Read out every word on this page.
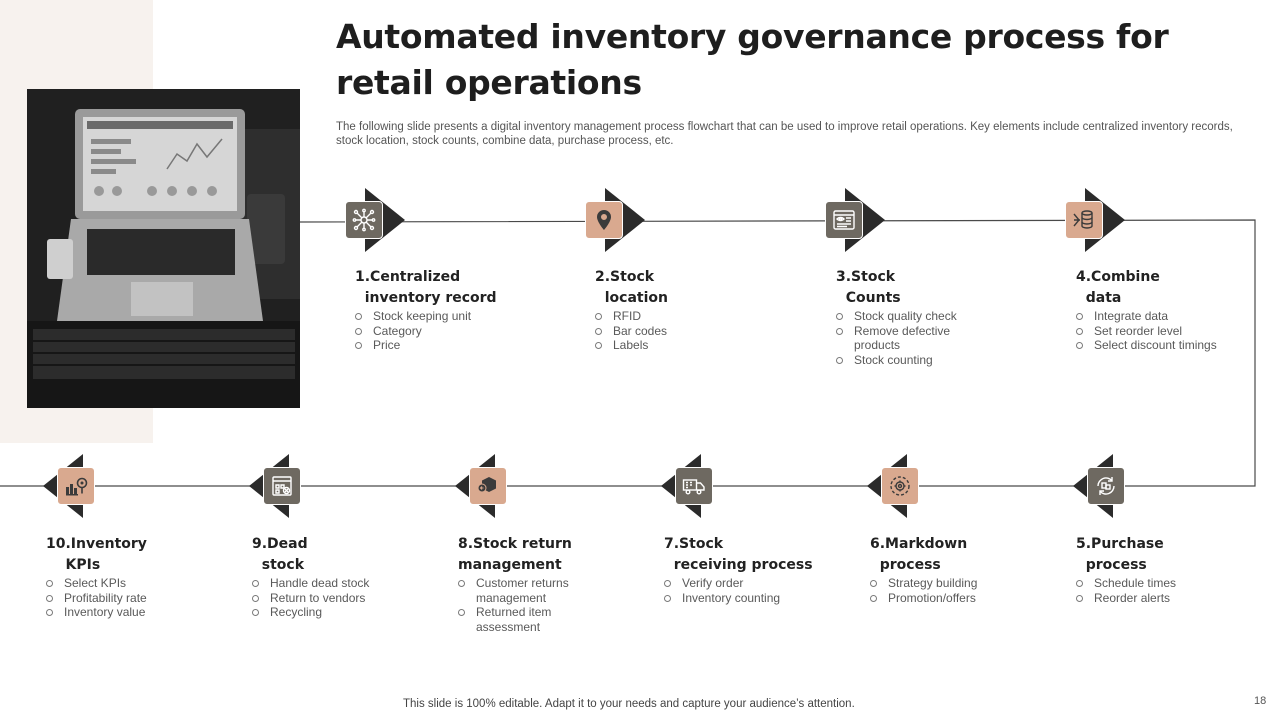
Automated inventory governance process for retail operations
The following slide presents a digital inventory management process flowchart that can be used to improve retail operations. Key elements include centralized inventory records, stock location, stock counts, combine data, purchase process, etc.
1.Centralized
inventory record
Stock keeping unit
Category
Price
2.Stock
location
RFID
Bar codes
Labels
3.Stock
Counts
Stock quality check
Remove defective products
Stock counting
4.Combine
data
Integrate data
Set reorder level
Select discount timings
5.Purchase
process
Schedule times
Reorder alerts
6.Markdown
process
Strategy building
Promotion/offers
7.Stock
receiving process
Verify order
Inventory counting
8.Stock return
management
Customer returns management
Returned item assessment
9.Dead
stock
Handle dead stock
Return to vendors
Recycling
10.Inventory
KPIs
Select KPIs
Profitability rate
Inventory value
This slide is 100% editable. Adapt it to your needs and capture your audience’s attention.	18
